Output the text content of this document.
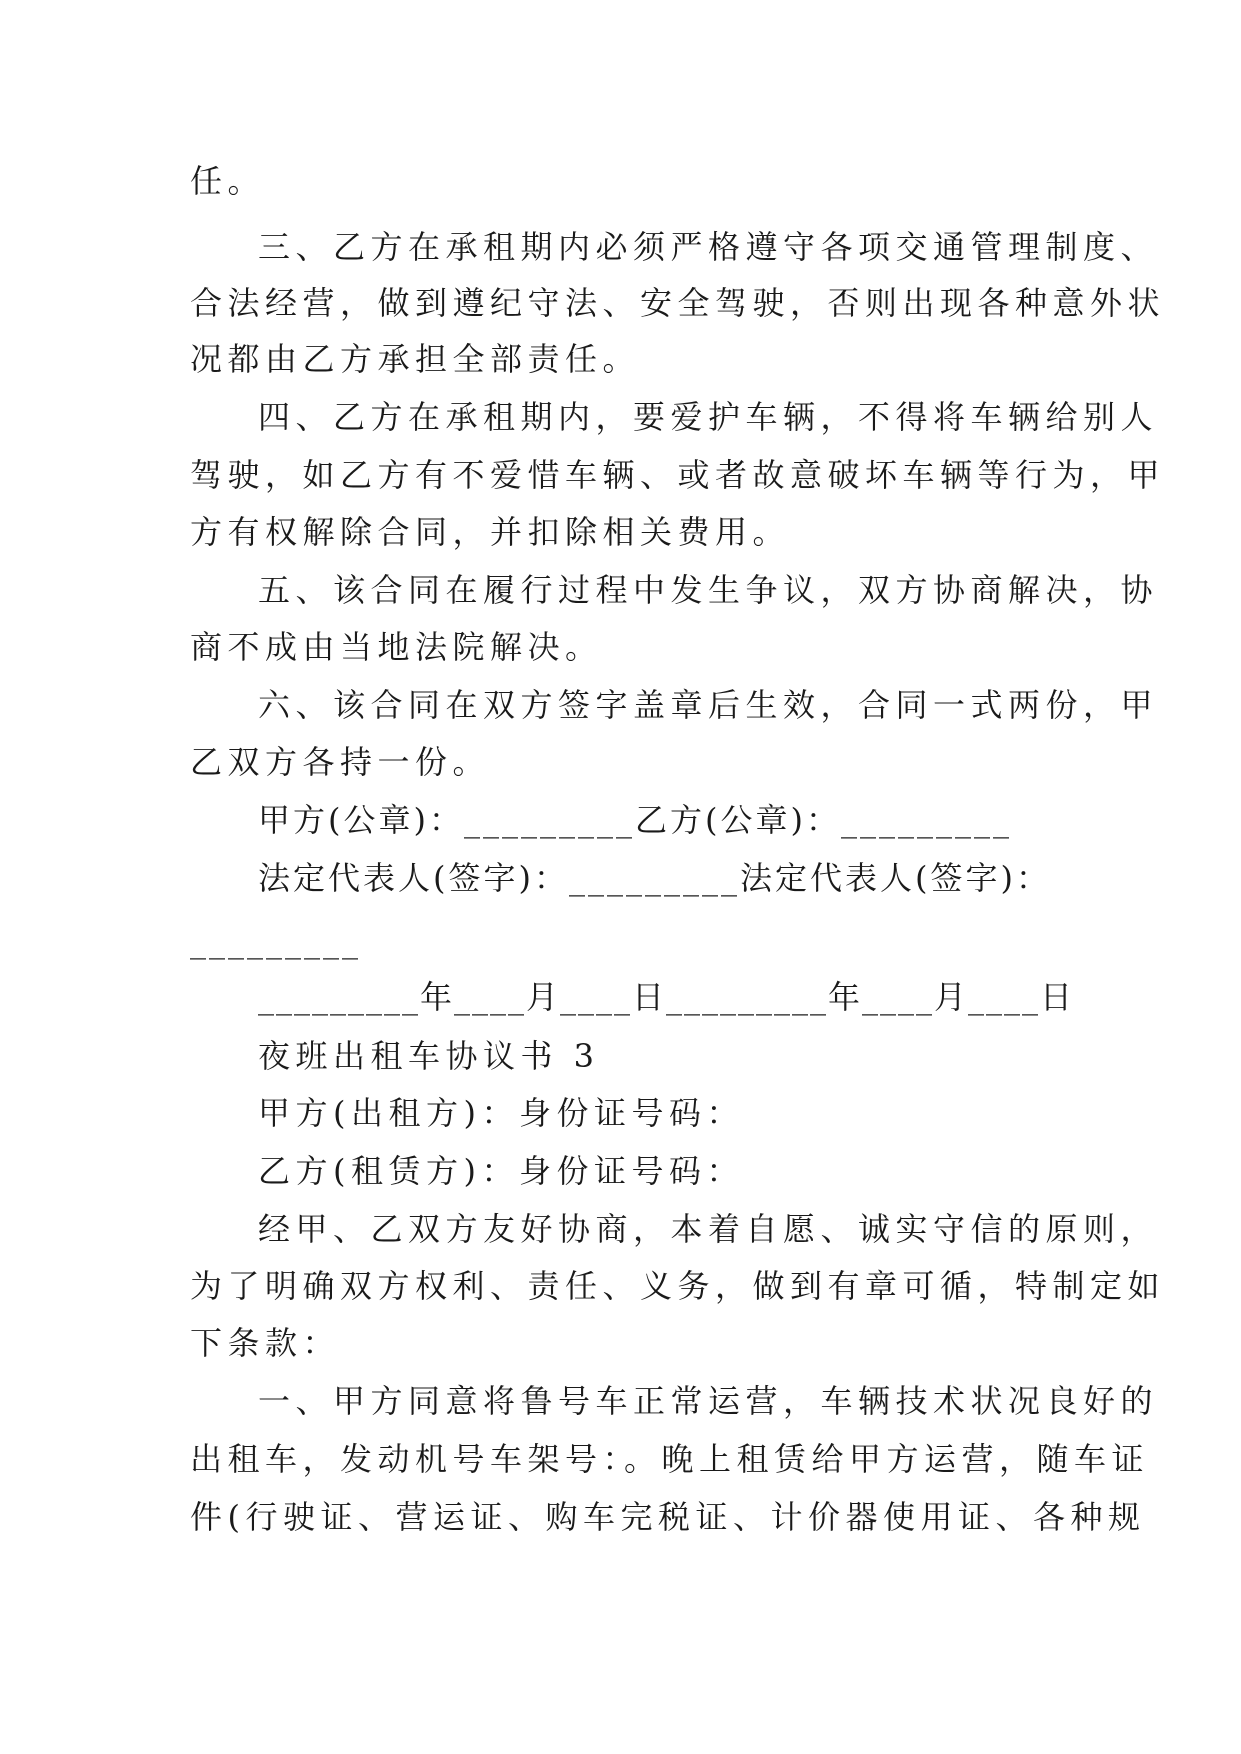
任。
三、乙方在承租期内必须严格遵守各项交通管理制度、
合法经营，做到遵纪守法、安全驾驶，否则出现各种意外状
况都由乙方承担全部责任。
四、乙方在承租期内，要爱护车辆，不得将车辆给别人
驾驶，如乙方有不爱惜车辆、或者故意破坏车辆等行为，甲
方有权解除合同，并扣除相关费用。
五、该合同在履行过程中发生争议，双方协商解决，协
商不成由当地法院解决。
六、该合同在双方签字盖章后生效，合同一式两份，甲
乙双方各持一份。
甲方(公章)：_________乙方(公章)：_________
法定代表人(签字)：_________法定代表人(签字)：
_________
_________年____月____日_________年____月____日
夜班出租车协议书 3
甲方(出租方)：身份证号码：
乙方(租赁方)：身份证号码：
经甲、乙双方友好协商，本着自愿、诚实守信的原则，
为了明确双方权利、责任、义务，做到有章可循，特制定如
下条款：
一、甲方同意将鲁号车正常运营，车辆技术状况良好的
出租车，发动机号车架号：。晚上租赁给甲方运营，随车证
件(行驶证、营运证、购车完税证、计价器使用证、各种规
